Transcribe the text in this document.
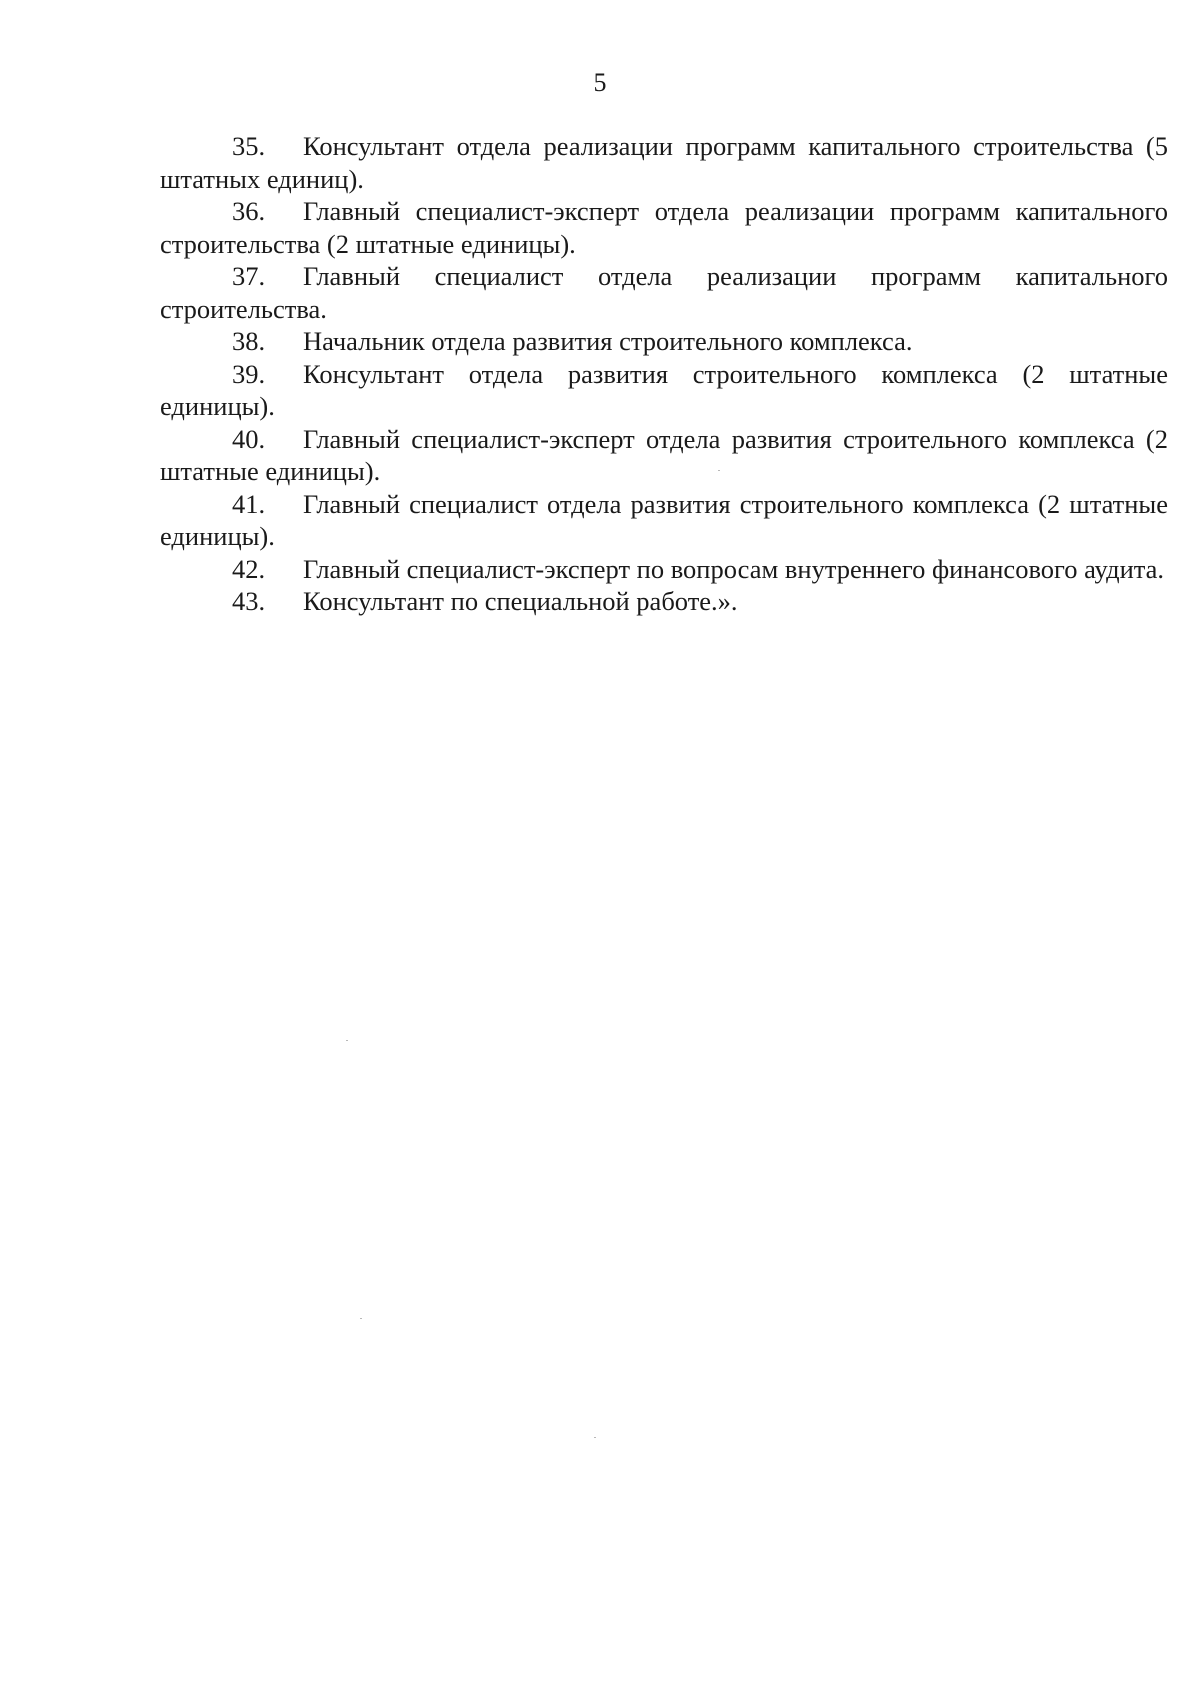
5

35. Консультант отдела реализации программ капитального строительства (5 штатных единиц).

36. Главный специалист-эксперт отдела реализации программ капитального строительства (2 штатные единицы).

37. Главный специалист отдела реализации программ капитального строительства.

38. Начальник отдела развития строительного комплекса.

39. Консультант отдела развития строительного комплекса (2 штатные единицы).

40. Главный специалист-эксперт отдела развития строительного комплекса (2 штатные единицы).

41. Главный специалист отдела развития строительного комплекса (2 штатные единицы).

42. Главный специалист-эксперт по вопросам внутреннего финансового аудита.

43. Консультант по специальной работе.».
